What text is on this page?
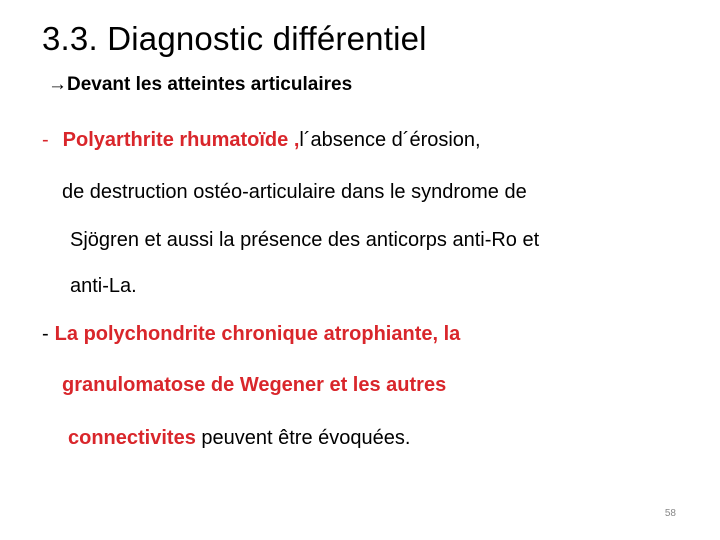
3.3. Diagnostic différentiel
→Devant les atteintes articulaires
- Polyarthrite rhumatoïde ,l´absence d´érosion,
de destruction ostéo-articulaire dans le syndrome de
Sjögren et aussi la présence des anticorps anti-Ro et
anti-La.
- La polychondrite chronique atrophiante, la
granulomatose de Wegener et les autres
connectivites peuvent être évoquées.
58
